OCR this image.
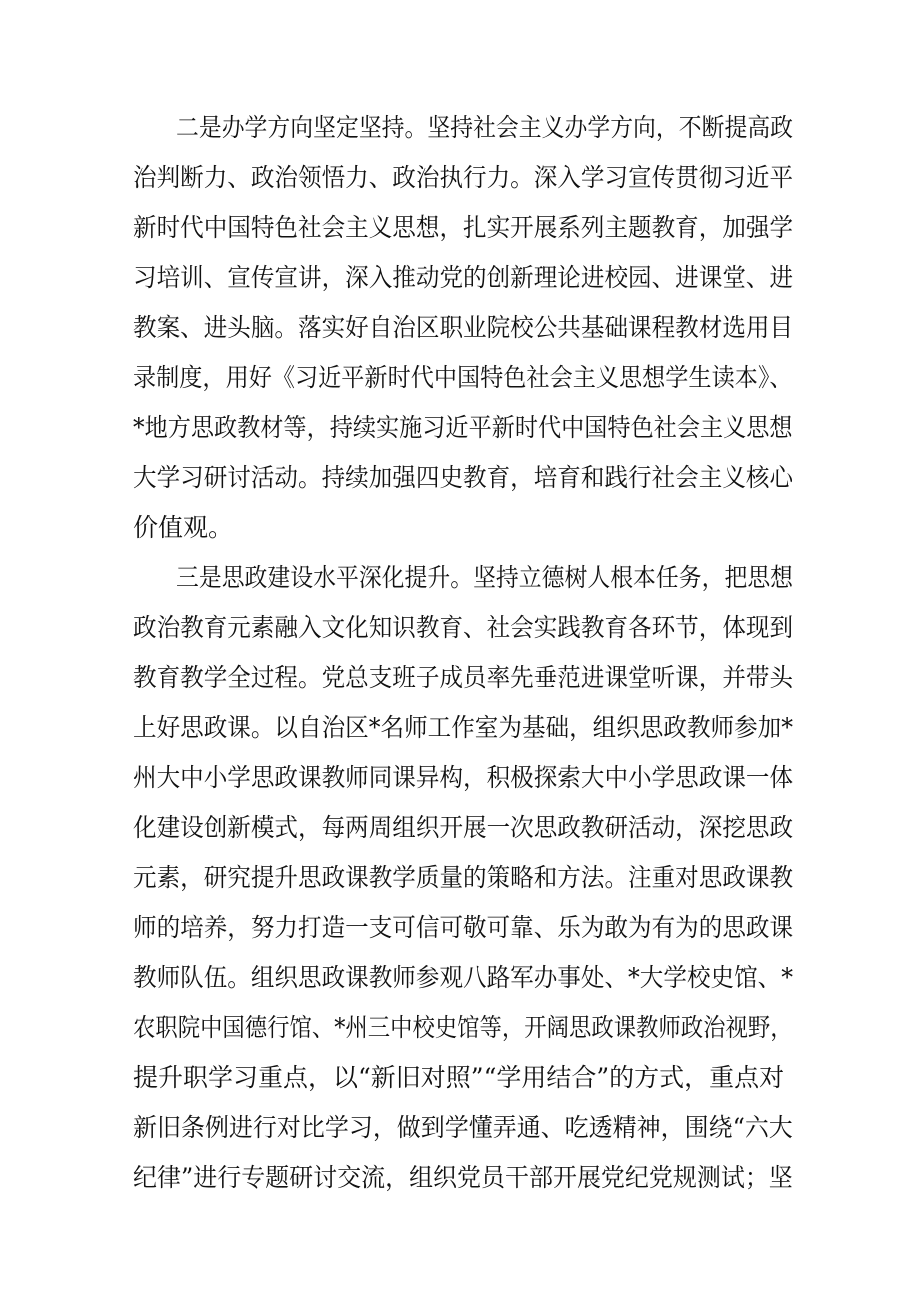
二是办学方向坚定坚持。坚持社会主义办学方向，不断提高政
治判断力、政治领悟力、政治执行力。深入学习宣传贯彻习近平
新时代中国特色社会主义思想，扎实开展系列主题教育，加强学
习培训、宣传宣讲，深入推动党的创新理论进校园、进课堂、进
教案、进头脑。落实好自治区职业院校公共基础课程教材选用目
录制度，用好《习近平新时代中国特色社会主义思想学生读本》、
*地方思政教材等，持续实施习近平新时代中国特色社会主义思想
大学习研讨活动。持续加强四史教育，培育和践行社会主义核心
价值观。
三是思政建设水平深化提升。坚持立德树人根本任务，把思想
政治教育元素融入文化知识教育、社会实践教育各环节，体现到
教育教学全过程。党总支班子成员率先垂范进课堂听课，并带头
上好思政课。以自治区*名师工作室为基础，组织思政教师参加*
州大中小学思政课教师同课异构，积极探索大中小学思政课一体
化建设创新模式，每两周组织开展一次思政教研活动，深挖思政
元素，研究提升思政课教学质量的策略和方法。注重对思政课教
师的培养，努力打造一支可信可敬可靠、乐为敢为有为的思政课
教师队伍。组织思政课教师参观八路军办事处、*大学校史馆、*
农职院中国德行馆、*州三中校史馆等，开阔思政课教师政治视野，
提升职学习重点，以“新旧对照”“学用结合”的方式，重点对
新旧条例进行对比学习，做到学懂弄通、吃透精神，围绕“六大
纪律”进行专题研讨交流，组织党员干部开展党纪党规测试；坚
